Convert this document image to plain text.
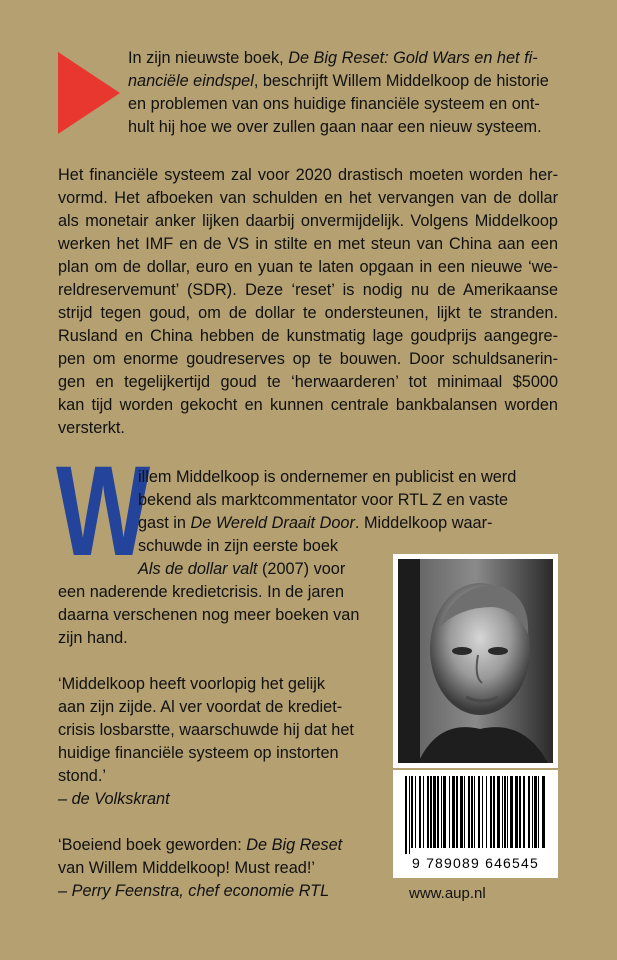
In zijn nieuwste boek, De Big Reset: Gold Wars en het fi-
nanciële eindspel, beschrijft Willem Middelkoop de historie
en problemen van ons huidige financiële systeem en ont-
hult hij hoe we over zullen gaan naar een nieuw systeem.
Het financiële systeem zal voor 2020 drastisch moeten worden her-
vormd. Het afboeken van schulden en het vervangen van de dollar
als monetair anker lijken daarbij onvermijdelijk. Volgens Middelkoop
werken het IMF en de VS in stilte en met steun van China aan een
plan om de dollar, euro en yuan te laten opgaan in een nieuwe ‘we-
reldreservemunt’ (SDR). Deze ‘reset’ is nodig nu de Amerikaanse
strijd tegen goud, om de dollar te ondersteunen, lijkt te stranden.
Rusland en China hebben de kunstmatig lage goudprijs aangegre-
pen om enorme goudreserves op te bouwen. Door schuldsanerin-
gen en tegelijkertijd goud te ‘herwaarderen’ tot minimaal $5000
kan tijd worden gekocht en kunnen centrale bankbalansen worden
versterkt.
W
illem Middelkoop is ondernemer en publicist en werd
bekend als marktcommentator voor RTL Z en vaste
gast in De Wereld Draait Door. Middelkoop waar-
schuwde in zijn eerste boek
Als de dollar valt (2007) voor
een naderende kredietcrisis. In de jaren
daarna verschenen nog meer boeken van
zijn hand.
‘Middelkoop heeft voorlopig het gelijk
aan zijn zijde. Al ver voordat de krediet-
crisis losbarstte, waarschuwde hij dat het
huidige financiële systeem op instorten
stond.’
– de Volkskrant
‘Boeiend boek geworden: De Big Reset
van Willem Middelkoop! Must read!’
– Perry Feenstra, chef economie RTL
9 789089 646545
www.aup.nl
